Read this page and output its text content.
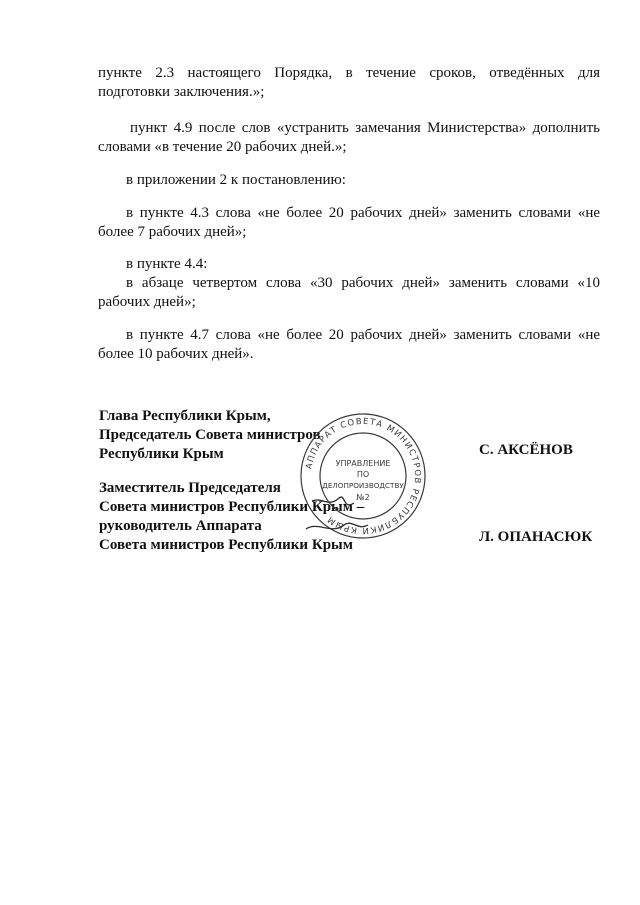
пункте 2.3 настоящего Порядка, в течение сроков, отведённых для
подготовки заключения.»;
пункт 4.9 после слов «устранить замечания Министерства» дополнить
словами «в течение 20 рабочих дней.»;
в приложении 2 к постановлению:
в пункте 4.3 слова «не более 20 рабочих дней» заменить словами «не
более 7 рабочих дней»;
в пункте 4.4:
в абзаце четвертом слова «30 рабочих дней» заменить словами «10
рабочих дней»;
в пункте 4.7 слова «не более 20 рабочих дней» заменить словами «не
более 10 рабочих дней».
Глава Республики Крым,
Председатель Совета министров
Республики Крым	С. АКСЁНОВ
Заместитель Председателя
Совета министров Республики Крым –
руководитель Аппарата
Совета министров Республики Крым	Л. ОПАНАСЮК
АППАРАТ СОВЕТА МИНИСТРОВ РЕСПУБЛИКИ КРЫМ
УПРАВЛЕНИЕ
ПО
ДЕЛОПРОИЗВОДСТВУ
№2
